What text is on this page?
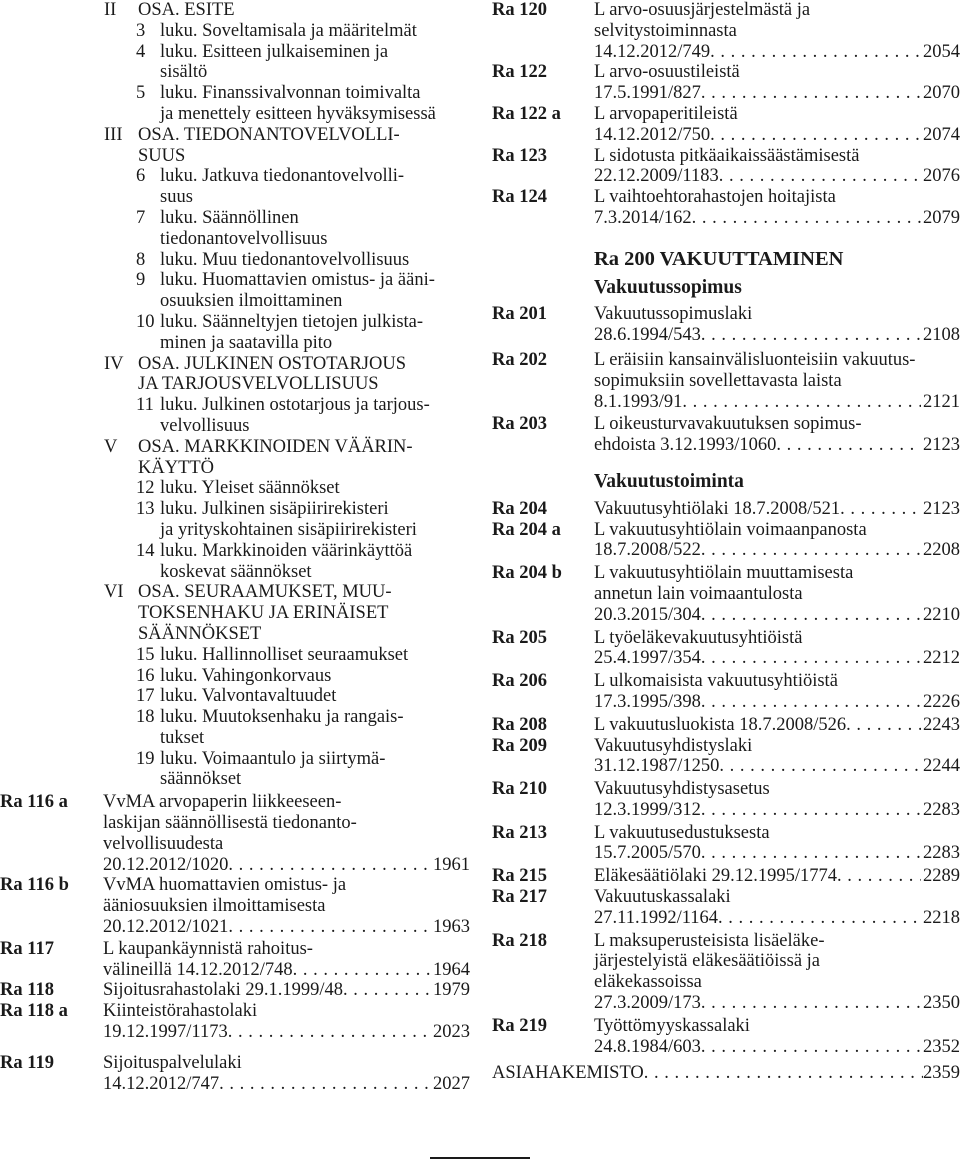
II OSA. ESITE
3 luku. Soveltamisala ja määritelmät
4 luku. Esitteen julkaiseminen ja
sisältö
5 luku. Finanssivalvonnan toimivalta
ja menettely esitteen hyväksymisessä
III OSA. TIEDONANTOVELVOLLI-
SUUS
6 luku. Jatkuva tiedonantovelvolli-
suus
7 luku. Säännöllinen
tiedonantovelvollisuus
8 luku. Muu tiedonantovelvollisuus
9 luku. Huomattavien omistus- ja ääni-
osuuksien ilmoittaminen
10 luku. Säänneltyjen tietojen julkista-
minen ja saatavilla pito
IV OSA. JULKINEN OSTOTARJOUS
JA TARJOUSVELVOLLISUUS
11 luku. Julkinen ostotarjous ja tarjous-
velvollisuus
V OSA. MARKKINOIDEN VÄÄRIN-
KÄYTTÖ
12 luku. Yleiset säännökset
13 luku. Julkinen sisäpiirirekisteri
ja yrityskohtainen sisäpiirirekisteri
14 luku. Markkinoiden väärinkäyttöä
koskevat säännökset
VI OSA. SEURAAMUKSET, MUU-
TOKSENHAKU JA ERINÄISET
SÄÄNNÖKSET
15 luku. Hallinnolliset seuraamukset
16 luku. Vahingonkorvaus
17 luku. Valvontavaltuudet
18 luku. Muutoksenhaku ja rangais-
tukset
19 luku. Voimaantulo ja siirtymä-
säännökset
Ra 116 a VvMA arvopaperin liikkeeseen-
laskijan säännöllisestä tiedonanto-
velvollisuudesta
20.12.2012/1020 . . .	1961
Ra 116 b VvMA huomattavien omistus- ja
ääniosuuksien ilmoittamisesta
20.12.2012/1021 . . .	1963
Ra 117	L kaupankäynnistä rahoitus-
välineillä 14.12.2012/748 . . .	1964
Ra 118	Sijoitusrahastolaki 29.1.1999/48 . . .	1979
Ra 118 a Kiinteistörahastolaki
19.12.1997/1173 . . .	2023
Ra 119	Sijoituspalvelulaki
14.12.2012/747 . . .	2027
Ra 120	L arvo-osuusjärjestelmästä ja
selvitystoiminnasta
14.12.2012/749 . . .	2054
Ra 122	L arvo-osuustileistä
17.5.1991/827 . . .	2070
Ra 122 a L arvopaperitileistä
14.12.2012/750 . . .	2074
Ra 123	L sidotusta pitkäaikaissäästämisestä
22.12.2009/1183 . . .	2076
Ra 124	L vaihtoehtorahastojen hoitajista
7.3.2014/162 . . .	2079
Ra 200 VAKUUTTAMINEN
Vakuutussopimus
Ra 201	Vakuutussopimuslaki
28.6.1994/543 . . .	2108
Ra 202	L eräisiin kansainvälisluonteisiin vakuutus-
sopimuksiin sovellettavasta laista
8.1.1993/91 . . .	2121
Ra 203	L oikeusturvavakuutuksen sopimus-
ehdoista 3.12.1993/1060 . . .	2123
Vakuutustoiminta
Ra 204	Vakuutusyhtiölaki 18.7.2008/521 . . .	2123
Ra 204 a L vakuutusyhtiölain voimaanpanosta
18.7.2008/522 . . .	2208
Ra 204 b L vakuutusyhtiölain muuttamisesta
annetun lain voimaantulosta
20.3.2015/304 . . .	2210
Ra 205	L työeläkevakuutusyhtiöistä
25.4.1997/354 . . .	2212
Ra 206	L ulkomaisista vakuutusyhtiöistä
17.3.1995/398 . . .	2226
Ra 208	L vakuutusluokista 18.7.2008/526 . . .	2243
Ra 209	Vakuutusyhdistyslaki
31.12.1987/1250 . . .	2244
Ra 210	Vakuutusyhdistysasetus
12.3.1999/312 . . .	2283
Ra 213	L vakuutusedustuksesta
15.7.2005/570 . . .	2283
Ra 215	Eläkesäätiölaki 29.12.1995/1774 . . .	2289
Ra 217	Vakuutuskassalaki
27.11.1992/1164 . . .	2218
Ra 218	L maksuperusteisista lisäeläke-
järjestelyistä eläkesäätiöissä ja
eläkekassoissa
27.3.2009/173 . . .	2350
Ra 219	Työttömyyskassalaki
24.8.1984/603 . . .	2352
ASIAHAKEMISTO . . .	2359
